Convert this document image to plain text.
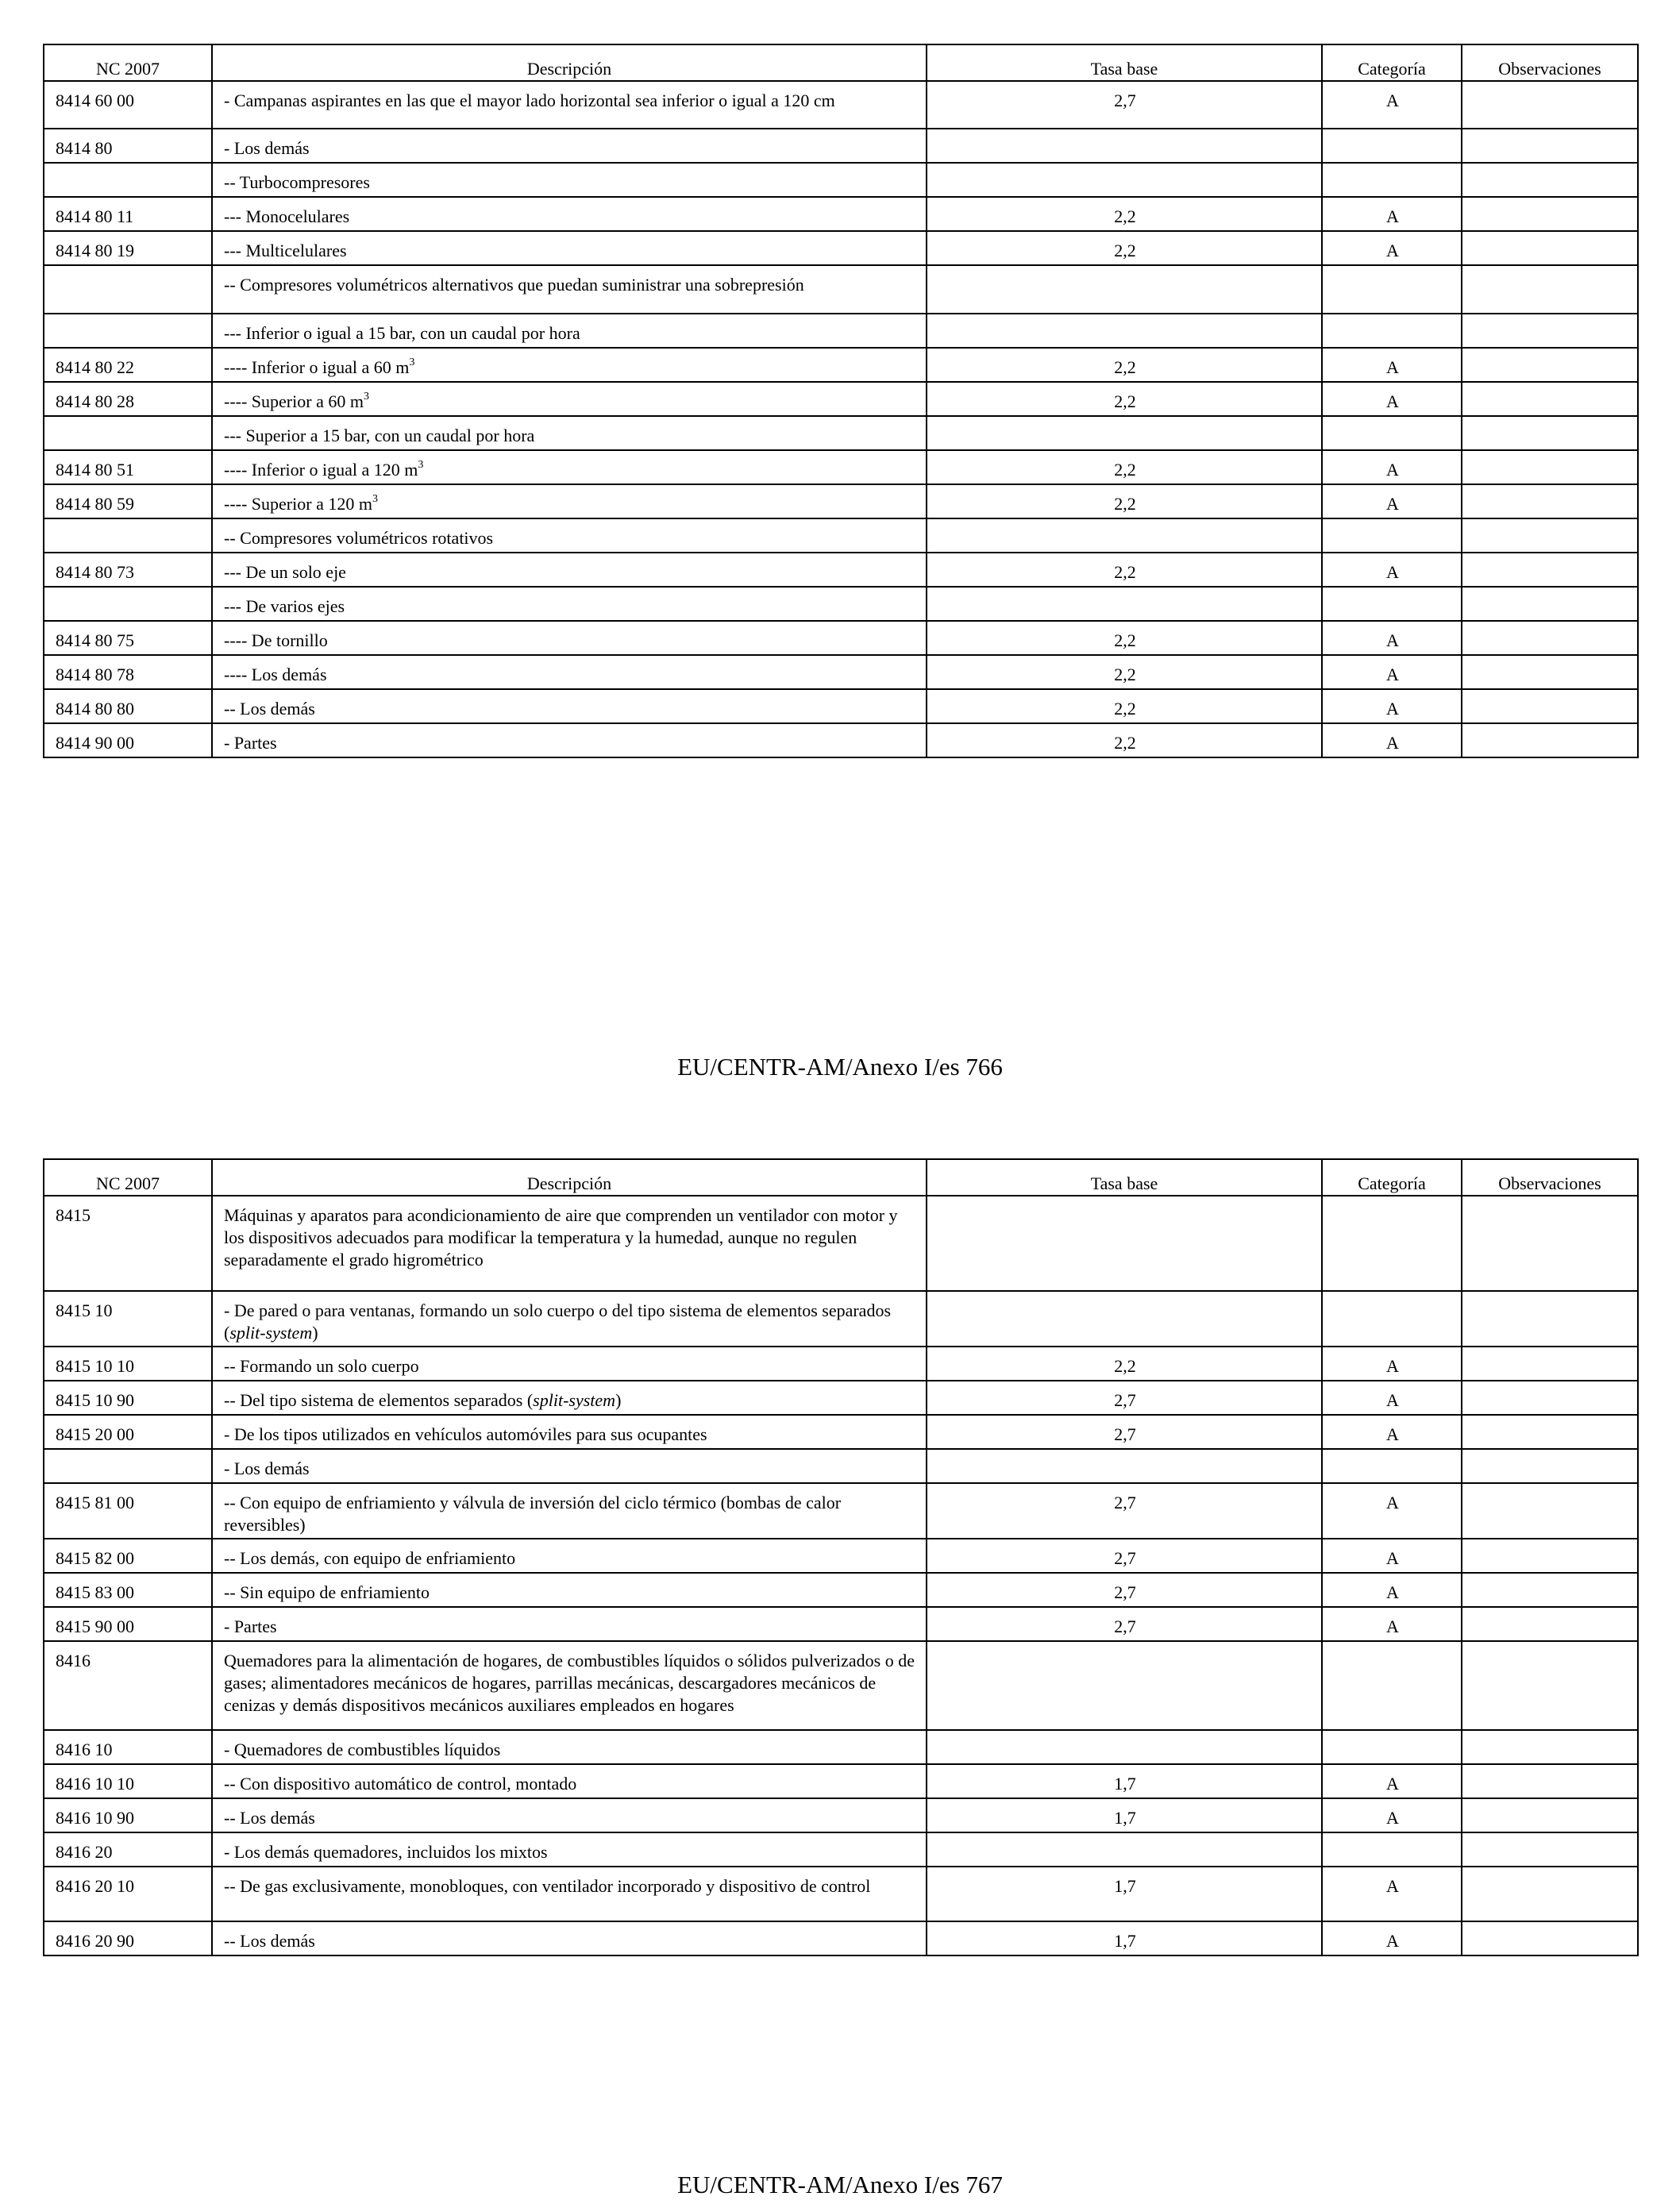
NC 2007	Descripción	Tasa base	Categoría	Observaciones
8414 60 00	- Campanas aspirantes en las que el mayor lado horizontal sea inferior o igual a 120 cm	2,7	A	
8414 80	- Los demás			
	-- Turbocompresores			
8414 80 11	--- Monocelulares	2,2	A	
8414 80 19	--- Multicelulares	2,2	A	
	-- Compresores volumétricos alternativos que puedan suministrar una sobrepresión			
	--- Inferior o igual a 15 bar, con un caudal por hora			
8414 80 22	---- Inferior o igual a 60 $m^3$	2,2	A	
8414 80 28	---- Superior a 60 $m^3$	2,2	A	
	--- Superior a 15 bar, con un caudal por hora			
8414 80 51	---- Inferior o igual a 120 $m^3$	2,2	A	
8414 80 59	---- Superior a 120 $m^3$	2,2	A	
	-- Compresores volumétricos rotativos			
8414 80 73	--- De un solo eje	2,2	A	
	--- De varios ejes			
8414 80 75	---- De tornillo	2,2	A	
8414 80 78	---- Los demás	2,2	A	
8414 80 80	-- Los demás	2,2	A	
8414 90 00	- Partes	2,2	A	
EU/CENTR-AM/Anexo I/es 766
NC 2007	Descripción	Tasa base	Categoría	Observaciones
8415	Máquinas y aparatos para acondicionamiento de aire que comprenden un ventilador con motor y los dispositivos adecuados para modificar la temperatura y la humedad, aunque no regulen separadamente el grado higrométrico			
8415 10	- De pared o para ventanas, formando un solo cuerpo o del tipo sistema de elementos separados (split-system)			
8415 10 10	-- Formando un solo cuerpo	2,2	A	
8415 10 90	-- Del tipo sistema de elementos separados (split-system)	2,7	A	
8415 20 00	- De los tipos utilizados en vehículos automóviles para sus ocupantes	2,7	A	
	- Los demás			
8415 81 00	-- Con equipo de enfriamiento y válvula de inversión del ciclo térmico (bombas de calor reversibles)	2,7	A	
8415 82 00	-- Los demás, con equipo de enfriamiento	2,7	A	
8415 83 00	-- Sin equipo de enfriamiento	2,7	A	
8415 90 00	- Partes	2,7	A	
8416	Quemadores para la alimentación de hogares, de combustibles líquidos o sólidos pulverizados o de gases; alimentadores mecánicos de hogares, parrillas mecánicas, descargadores mecánicos de cenizas y demás dispositivos mecánicos auxiliares empleados en hogares			
8416 10	- Quemadores de combustibles líquidos			
8416 10 10	-- Con dispositivo automático de control, montado	1,7	A	
8416 10 90	-- Los demás	1,7	A	
8416 20	- Los demás quemadores, incluidos los mixtos			
8416 20 10	-- De gas exclusivamente, monobloques, con ventilador incorporado y dispositivo de control	1,7	A	
8416 20 90	-- Los demás	1,7	A	
EU/CENTR-AM/Anexo I/es 767
